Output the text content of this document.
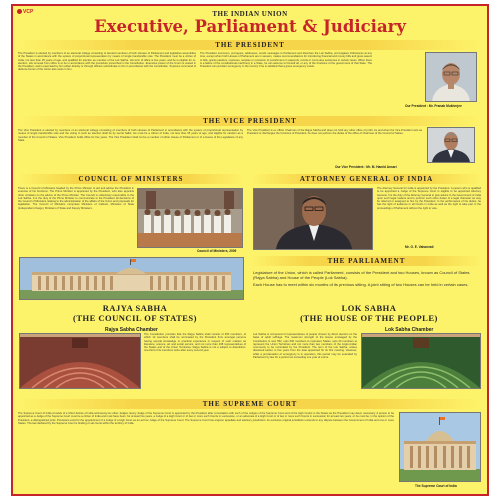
VCP	THE INDIAN UNION
Executive, Parliament & Judiciary
THE PRESIDENT
The President is elected by members of an electoral college consisting of elected members of both Houses of Parliament and legislative assemblies of the States in accordance with the system of proportional representation by means of single transferable vote. The President must be a citizen of India, not less than 35 years of age, and qualified for election as member of the Lok Sabha. His term of office is five years, and he is eligible for re-election. His removal from office is to be in accordance with the procedure prescribed in the Constitution. Executive power of the Union is vested in the President, and is exercised by him either directly or through officers subordinate to him in accordance with the Constitution. Supreme command of defence forces of the Union also vests in him.
The President summons, prorogues, addresses, sends messages to Parliament and dissolves the Lok Sabha, promulgates Ordinances at any time, except when both Houses of Parliament are in session, makes recommendations for introducing financial and money bills and gives assent to bills, grants pardons, reprieves, respites or remission of punishment or suspends, remits or commutes sentences in certain cases. When there is a failure of the constitutional machinery in a State, he can assume to himself all, or any of the functions of the government of that State. The President can proclaim emergency in the country if he is satisfied that a grave emergency exists.
Our President : Mr. Pranab Mukherjee
THE VICE PRESIDENT
The Vice President is elected by members of an electoral college consisting of members of both Houses of Parliament in accordance with the system of proportional representation by means of single transferable vote and the voting in such an election shall be by secret ballot. He must be a citizen of India, not less than 35 years of age, and eligible for election as a member of the Council of States. Vice President holds office for five years. The Vice President shall not be a member of either House of Parliament or of a House of the Legislature of any State.
The Vice President is ex officio Chairman of the Rajya Sabha and does not hold any other office of profit. As and when the Vice President acts as President or discharges the functions of President, he does not perform the duties of the office of Chairman of the Council of States.
Our Vice President : Mr. M. Hamid Ansari
COUNCIL OF MINISTERS
There is a Council of Ministers headed by the Prime Minister to aid and advise the President in exercise of his functions. The Prime Minister is appointed by the President, who also appoints other ministers on the advice of the Prime Minister. The Council is collectively responsible to the Lok Sabha. It is the duty of the Prime Minister to communicate to the President all decisions of the Council of Ministers relating to the administration of the affairs of the Union and proposals for legislation. The Council of Ministers comprises Ministers of Cabinet, Ministers of State (independent charge), Ministers of State and Deputy Ministers.
Council of Ministers, 2009
ATTORNEY GENERAL OF INDIA
The Attorney General for India is appointed by the President. A person who is qualified to be appointed a Judge of the Supreme Court is eligible to be appointed Attorney General. It is the duty of the Attorney General to give advice to the Government of India upon such legal matters and to perform such other duties of a legal character as may be referred or assigned to him by the President. In the performance of his duties, he has the right of audience in all Courts in India as well as the right to take part in the proceedings of Parliament without the right to vote.
Mr. G. E. Vahanvati
THE PARLIAMENT

Legislature of the Union, which is called Parliament, consists of the President and two Houses, known as Council of States (Rajya Sabha) and House of the People (Lok Sabha).

Each House has to meet within six months of its previous sitting. A joint sitting of two Houses can be held in certain cases.

RAJYA SABHA
(THE COUNCIL OF STATES)
Rajya Sabha Chamber
The Constitution provides that the Rajya Sabha shall consist of 250 members, of which 12 members shall be nominated by the President from amongst persons having special knowledge or practical experience in respect of such matters as literature, science, art and social service; and not more than 238 representatives of the States and of the Union Territories. Rajya Sabha is not a subject to dissolution; one-third of its members retire after every second year.
LOK SABHA
(THE HOUSE OF THE PEOPLE)
Lok Sabha Chamber
Lok Sabha is composed of representatives of people chosen by direct election on the basis of adult suffrage. The maximum strength of the House envisaged by the Constitution is now 552, upto 530 members to represent States, upto 20 members to represent the Union Territories and not more than two members of the Anglo-Indian community to be nominated by the President. The term of the Lok Sabha, unless dissolved earlier, is five years from the date appointed for its first meeting. However, while a proclamation of emergency is in operation, this period may be extended by Parliament by law for a period not exceeding one year at a time.
THE SUPREME COURT
The Supreme Court of India consists of a Chief Justice of India and twenty-six other Judges. Every Judge of the Supreme Court is appointed by the President after consultation with such of the Judges of the Supreme Court and of the High Courts in the States as the President may deem necessary. A person to be appointed as a Judge of the Supreme Court must be a citizen of India and must have been, for at least five years, a Judge of a High Court or of two or more such Courts in succession, or an advocate of a High Court or of two or more such Courts in succession for at least ten years, or he must be, in the opinion of the President, a distinguished jurist. Provisions exist for the appointment of a Judge of a High Court as an ad hoc Judge of the Supreme Court. The Supreme Court has original, appellate and advisory jurisdiction. Its exclusive original jurisdiction extends to any dispute between the Government of India and one or more States. The law declared by the Supreme Court is binding on all courts within the territory of India.
The Supreme Court of India
